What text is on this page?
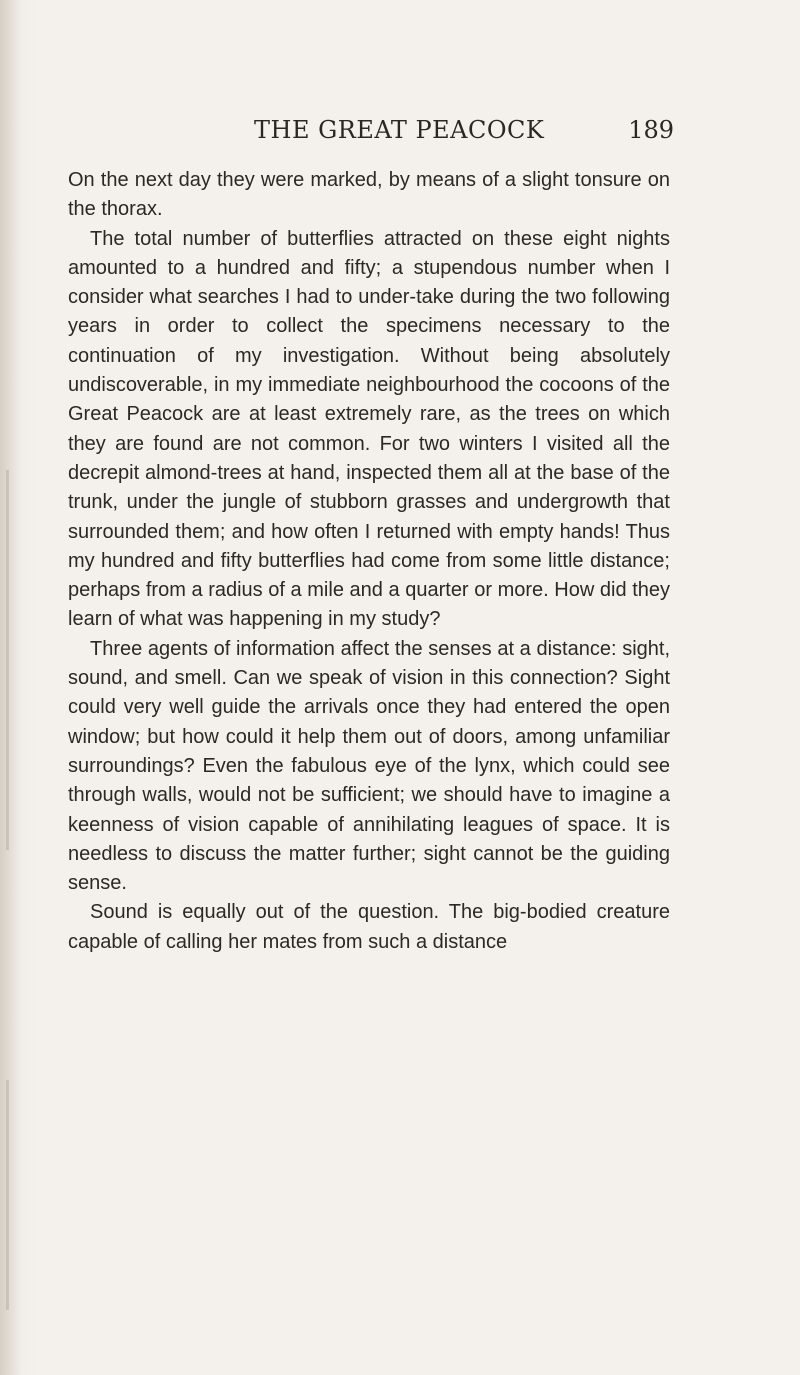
THE GREAT PEACOCK	189

On the next day they were marked, by means of a slight tonsure on the thorax.

The total number of butterflies attracted on these eight nights amounted to a hundred and fifty; a stupendous number when I consider what searches I had to under-take during the two following years in order to collect the specimens necessary to the continuation of my investigation. Without being absolutely undiscoverable, in my immediate neighbourhood the cocoons of the Great Peacock are at least extremely rare, as the trees on which they are found are not common. For two winters I visited all the decrepit almond-trees at hand, inspected them all at the base of the trunk, under the jungle of stubborn grasses and undergrowth that surrounded them; and how often I returned with empty hands! Thus my hundred and fifty butterflies had come from some little distance; perhaps from a radius of a mile and a quarter or more. How did they learn of what was happening in my study?

Three agents of information affect the senses at a distance: sight, sound, and smell. Can we speak of vision in this connection? Sight could very well guide the arrivals once they had entered the open window; but how could it help them out of doors, among unfamiliar surroundings? Even the fabulous eye of the lynx, which could see through walls, would not be sufficient; we should have to imagine a keenness of vision capable of annihilating leagues of space. It is needless to discuss the matter further; sight cannot be the guiding sense.

Sound is equally out of the question. The big-bodied creature capable of calling her mates from such a distance
